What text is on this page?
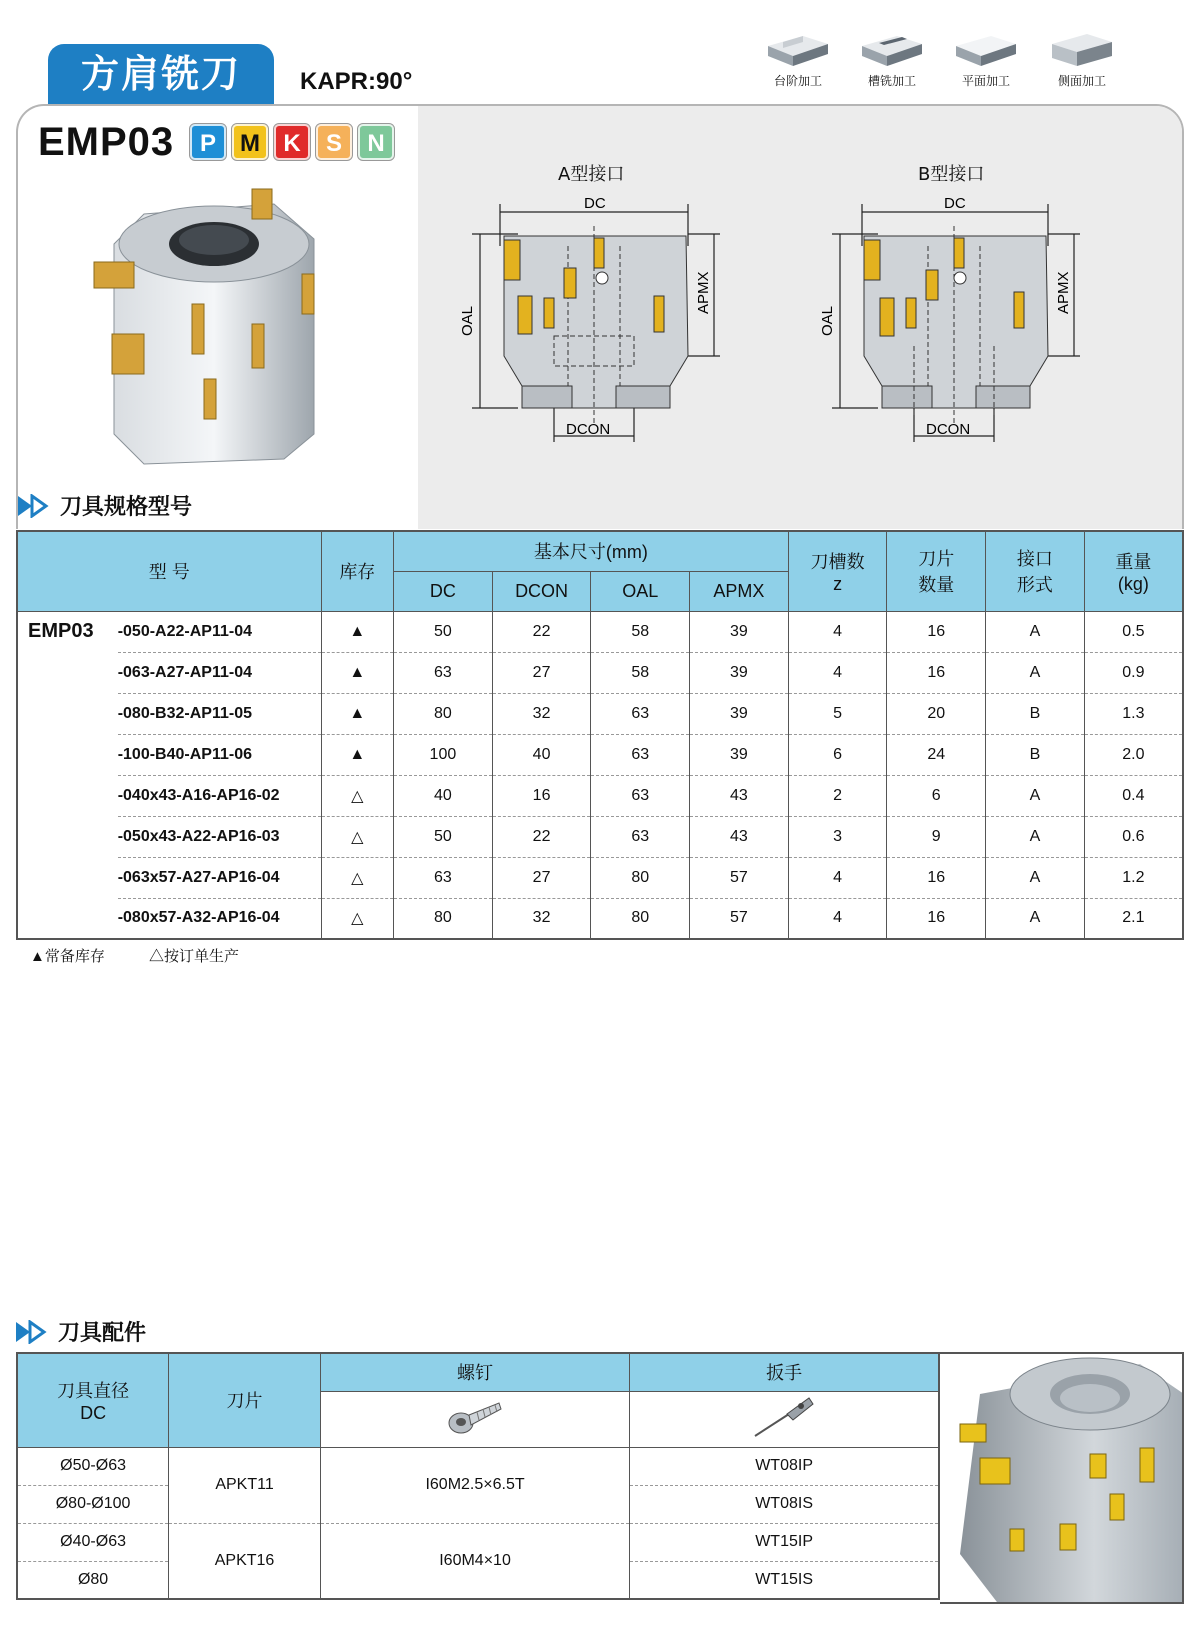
方肩铣刀	KAPR:90°	台阶加工	槽铣加工	平面加工	侧面加工
EMP03	P	M K	S	N
A型接口
DC
DCON
OAL
APMX
B型接口
DC
DCON
OAL
APMX
刀具规格型号
型 号		库存	基本尺寸(mm)				刀槽数
z	刀片
数量	接口
形式	重量
(kg)
			DC	DCON	OAL	APMX				
EMP03	-050-A22-AP11-04	▲	50	22	58	39	4	16	A	0.5
	-063-A27-AP11-04	▲	63	27	58	39	4	16	A	0.9
	-080-B32-AP11-05	▲	80	32	63	39	5	20	B	1.3
	-100-B40-AP11-06	▲	100	40	63	39	6	24	B	2.0
	-040x43-A16-AP16-02	△	40	16	63	43	2	6	A	0.4
	-050x43-A22-AP16-03	△	50	22	63	43	3	9	A	0.6
	-063x57-A27-AP16-04	△	63	27	80	57	4	16	A	1.2
	-080x57-A32-AP16-04	△	80	32	80	57	4	16	A	2.1
▲常备库存	△按订单生产
刀具配件
刀具直径
DC	刀片	螺钉	扳手

Ø50-Ø63	APKT11	I60M2.5×6.5T	WT08IP
Ø80-Ø100			WT08IS
Ø40-Ø63	APKT16	I60M4×10	WT15IP
Ø80			WT15IS
